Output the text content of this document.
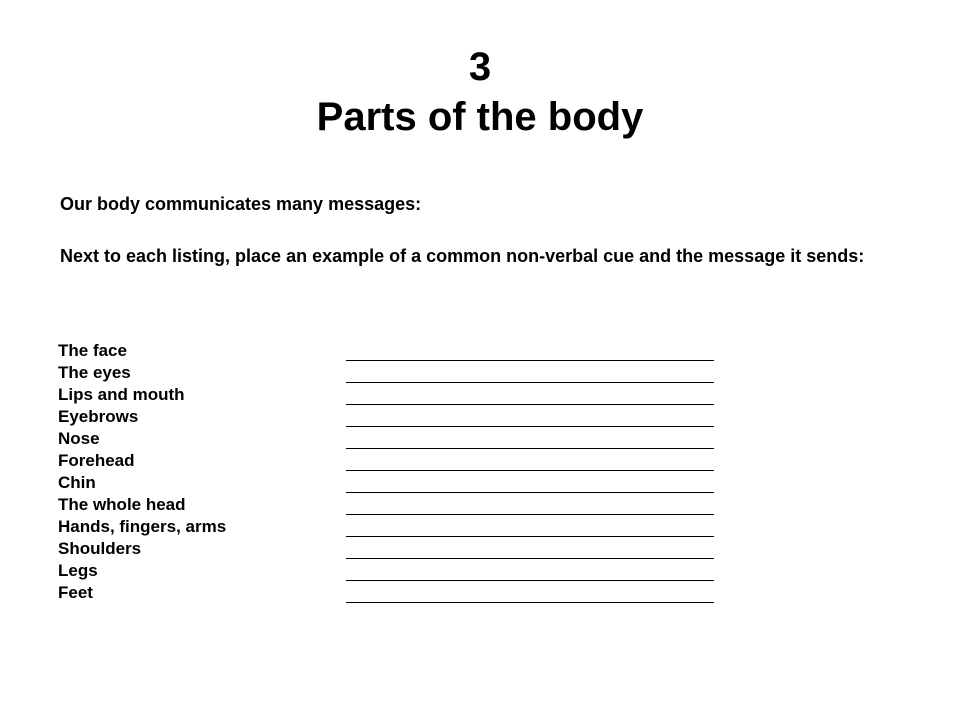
3
Parts of the body

Our body communicates many messages:

Next to each listing, place an example of a common non-verbal cue and the message it sends:

The face
The eyes
Lips and mouth
Eyebrows
Nose
Forehead
Chin
The whole head
Hands, fingers, arms
Shoulders
Legs
Feet
